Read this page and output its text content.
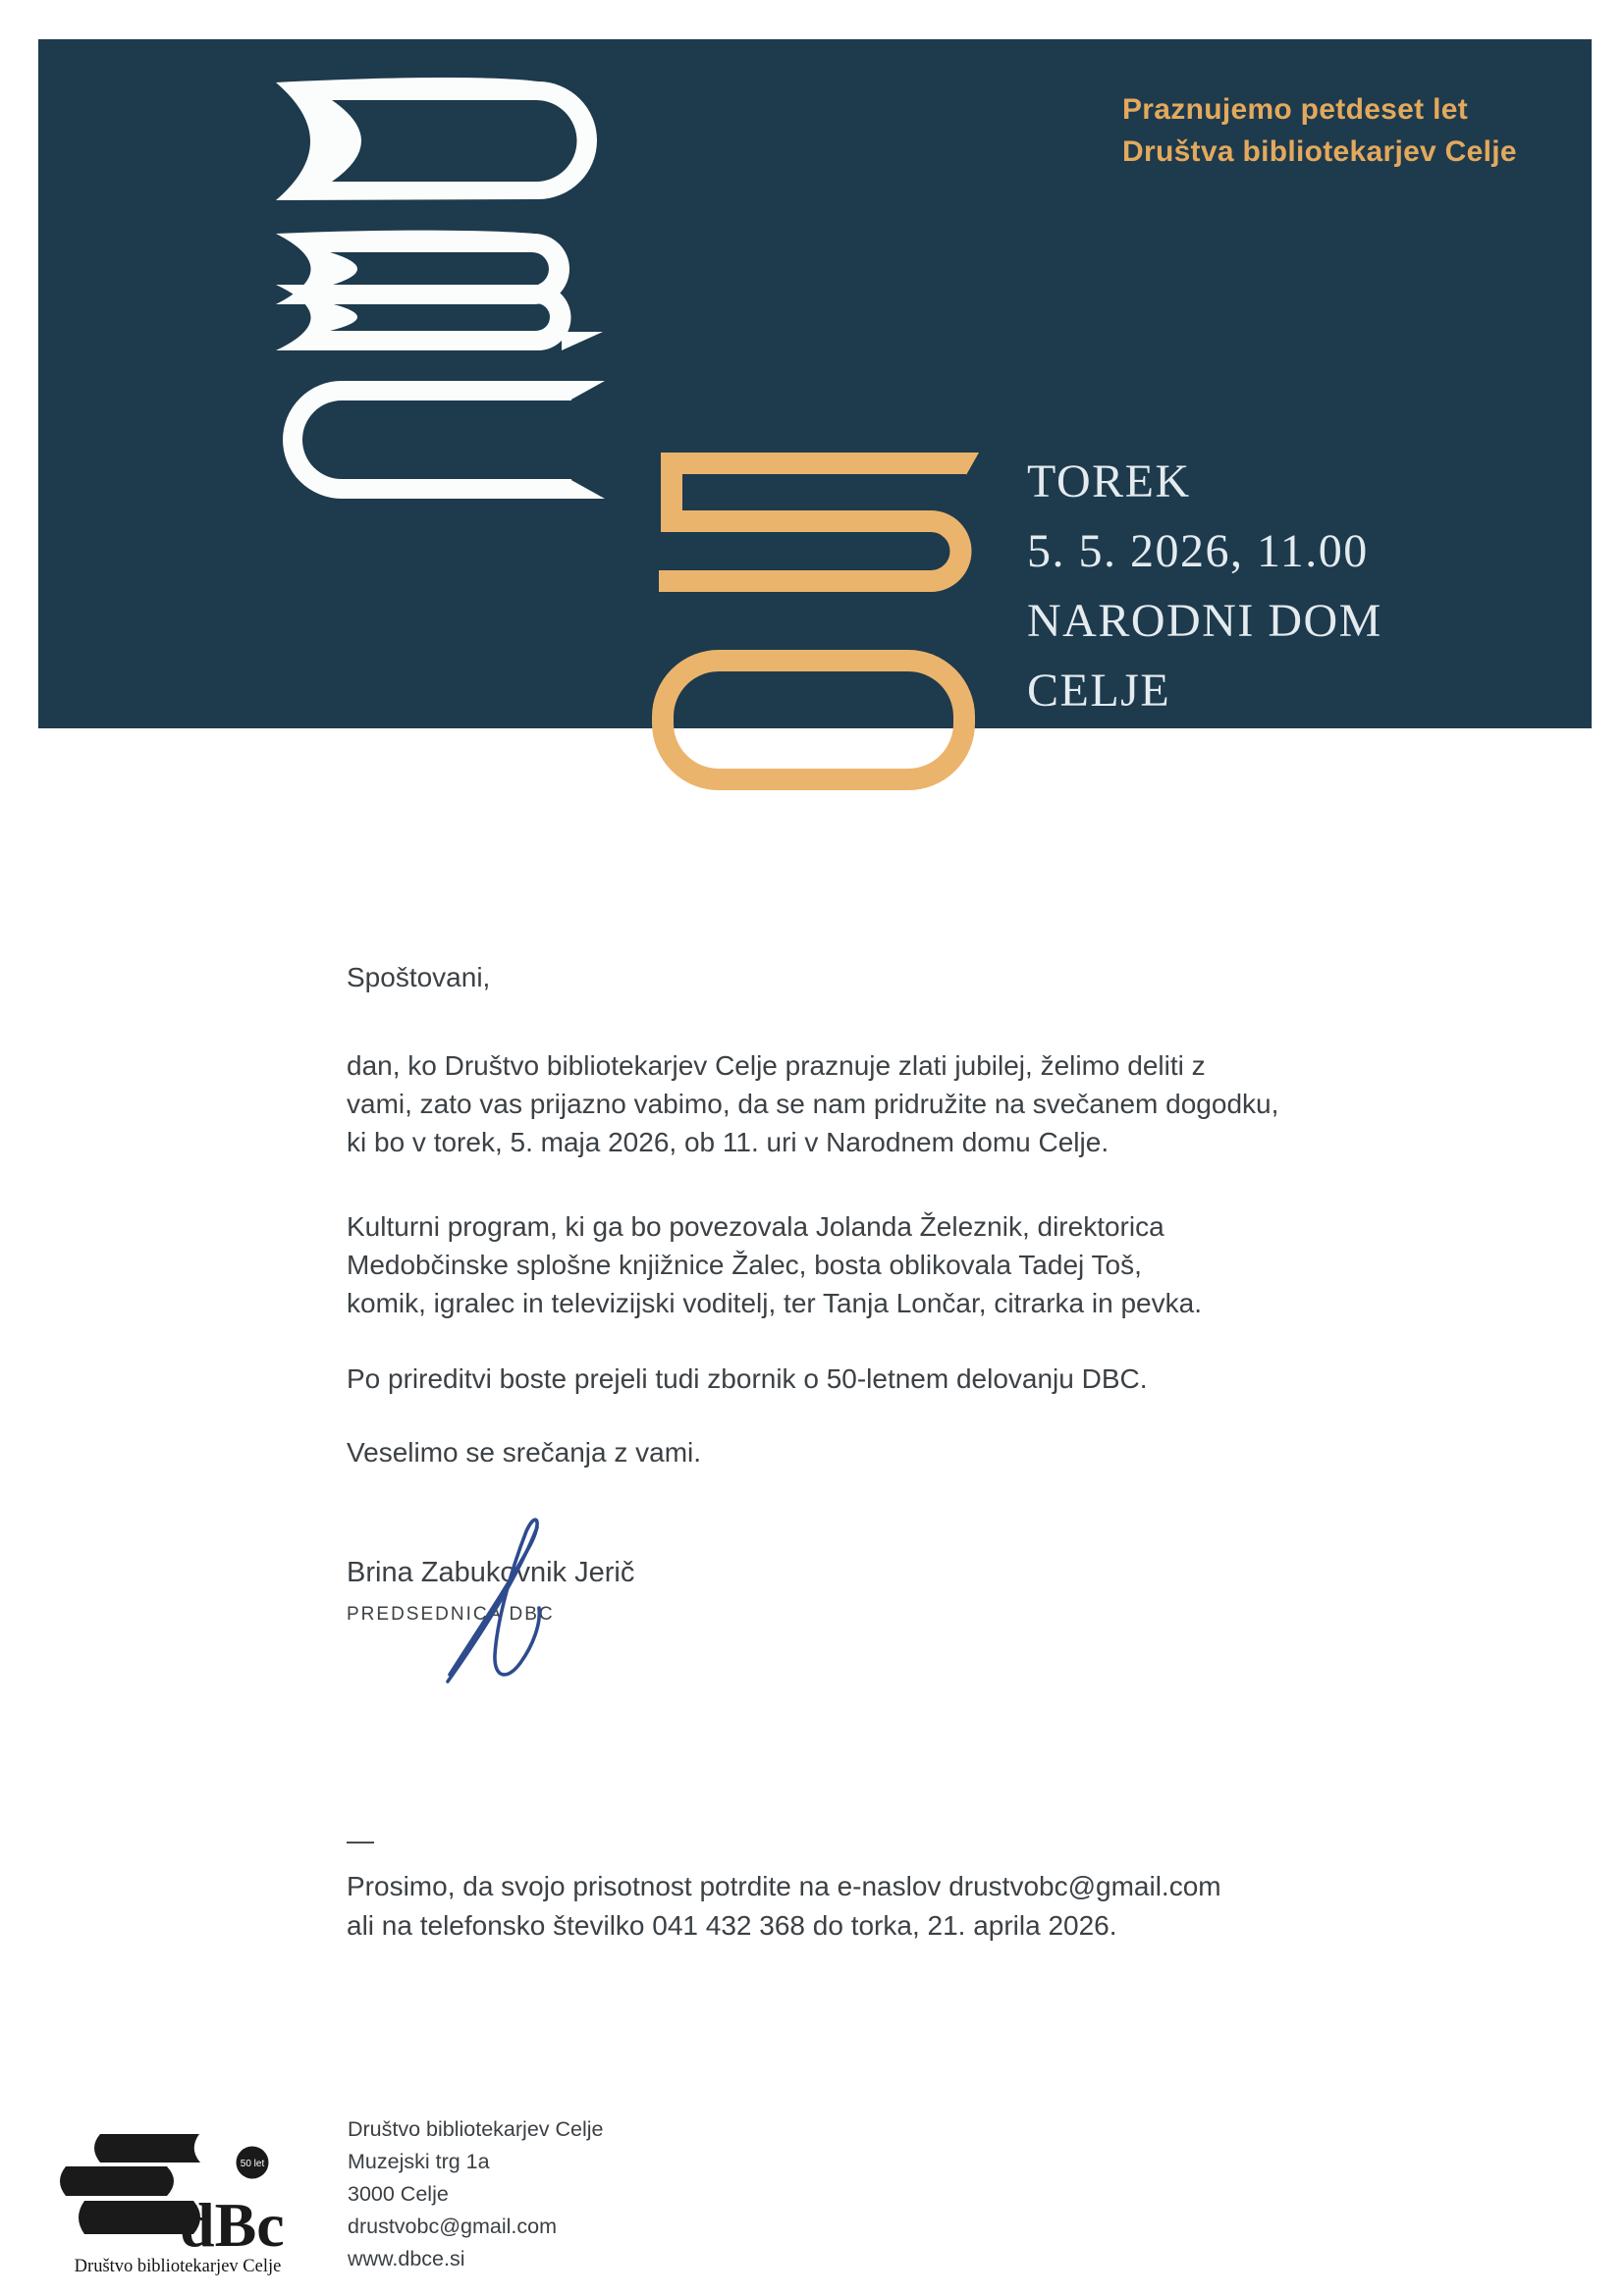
Praznujemo petdeset let
Društva bibliotekarjev Celje
TOREK
5. 5. 2026, 11.00
NARODNI DOM
CELJE
Spoštovani,
dan, ko Društvo bibliotekarjev Celje praznuje zlati jubilej, želimo deliti z
vami, zato vas prijazno vabimo, da se nam pridružite na svečanem dogodku,
ki bo v torek, 5. maja 2026, ob 11. uri v Narodnem domu Celje.
Kulturni program, ki ga bo povezovala Jolanda Železnik, direktorica
Medobčinske splošne knjižnice Žalec, bosta oblikovala Tadej Toš,
komik, igralec in televizijski voditelj, ter Tanja Lončar, citrarka in pevka.
Po prireditvi boste prejeli tudi zbornik o 50-letnem delovanju DBC.
Veselimo se srečanja z vami.
Brina Zabukovnik Jerič
PREDSEDNICA DBC
—
Prosimo, da svojo prisotnost potrdite na e-naslov drustvobc@gmail.com
ali na telefonsko številko 041 432 368 do torka, 21. aprila 2026.
dBc
50 let
Društvo bibliotekarjev Celje
Društvo bibliotekarjev Celje
Muzejski trg 1a
3000 Celje
drustvobc@gmail.com
www.dbce.si
